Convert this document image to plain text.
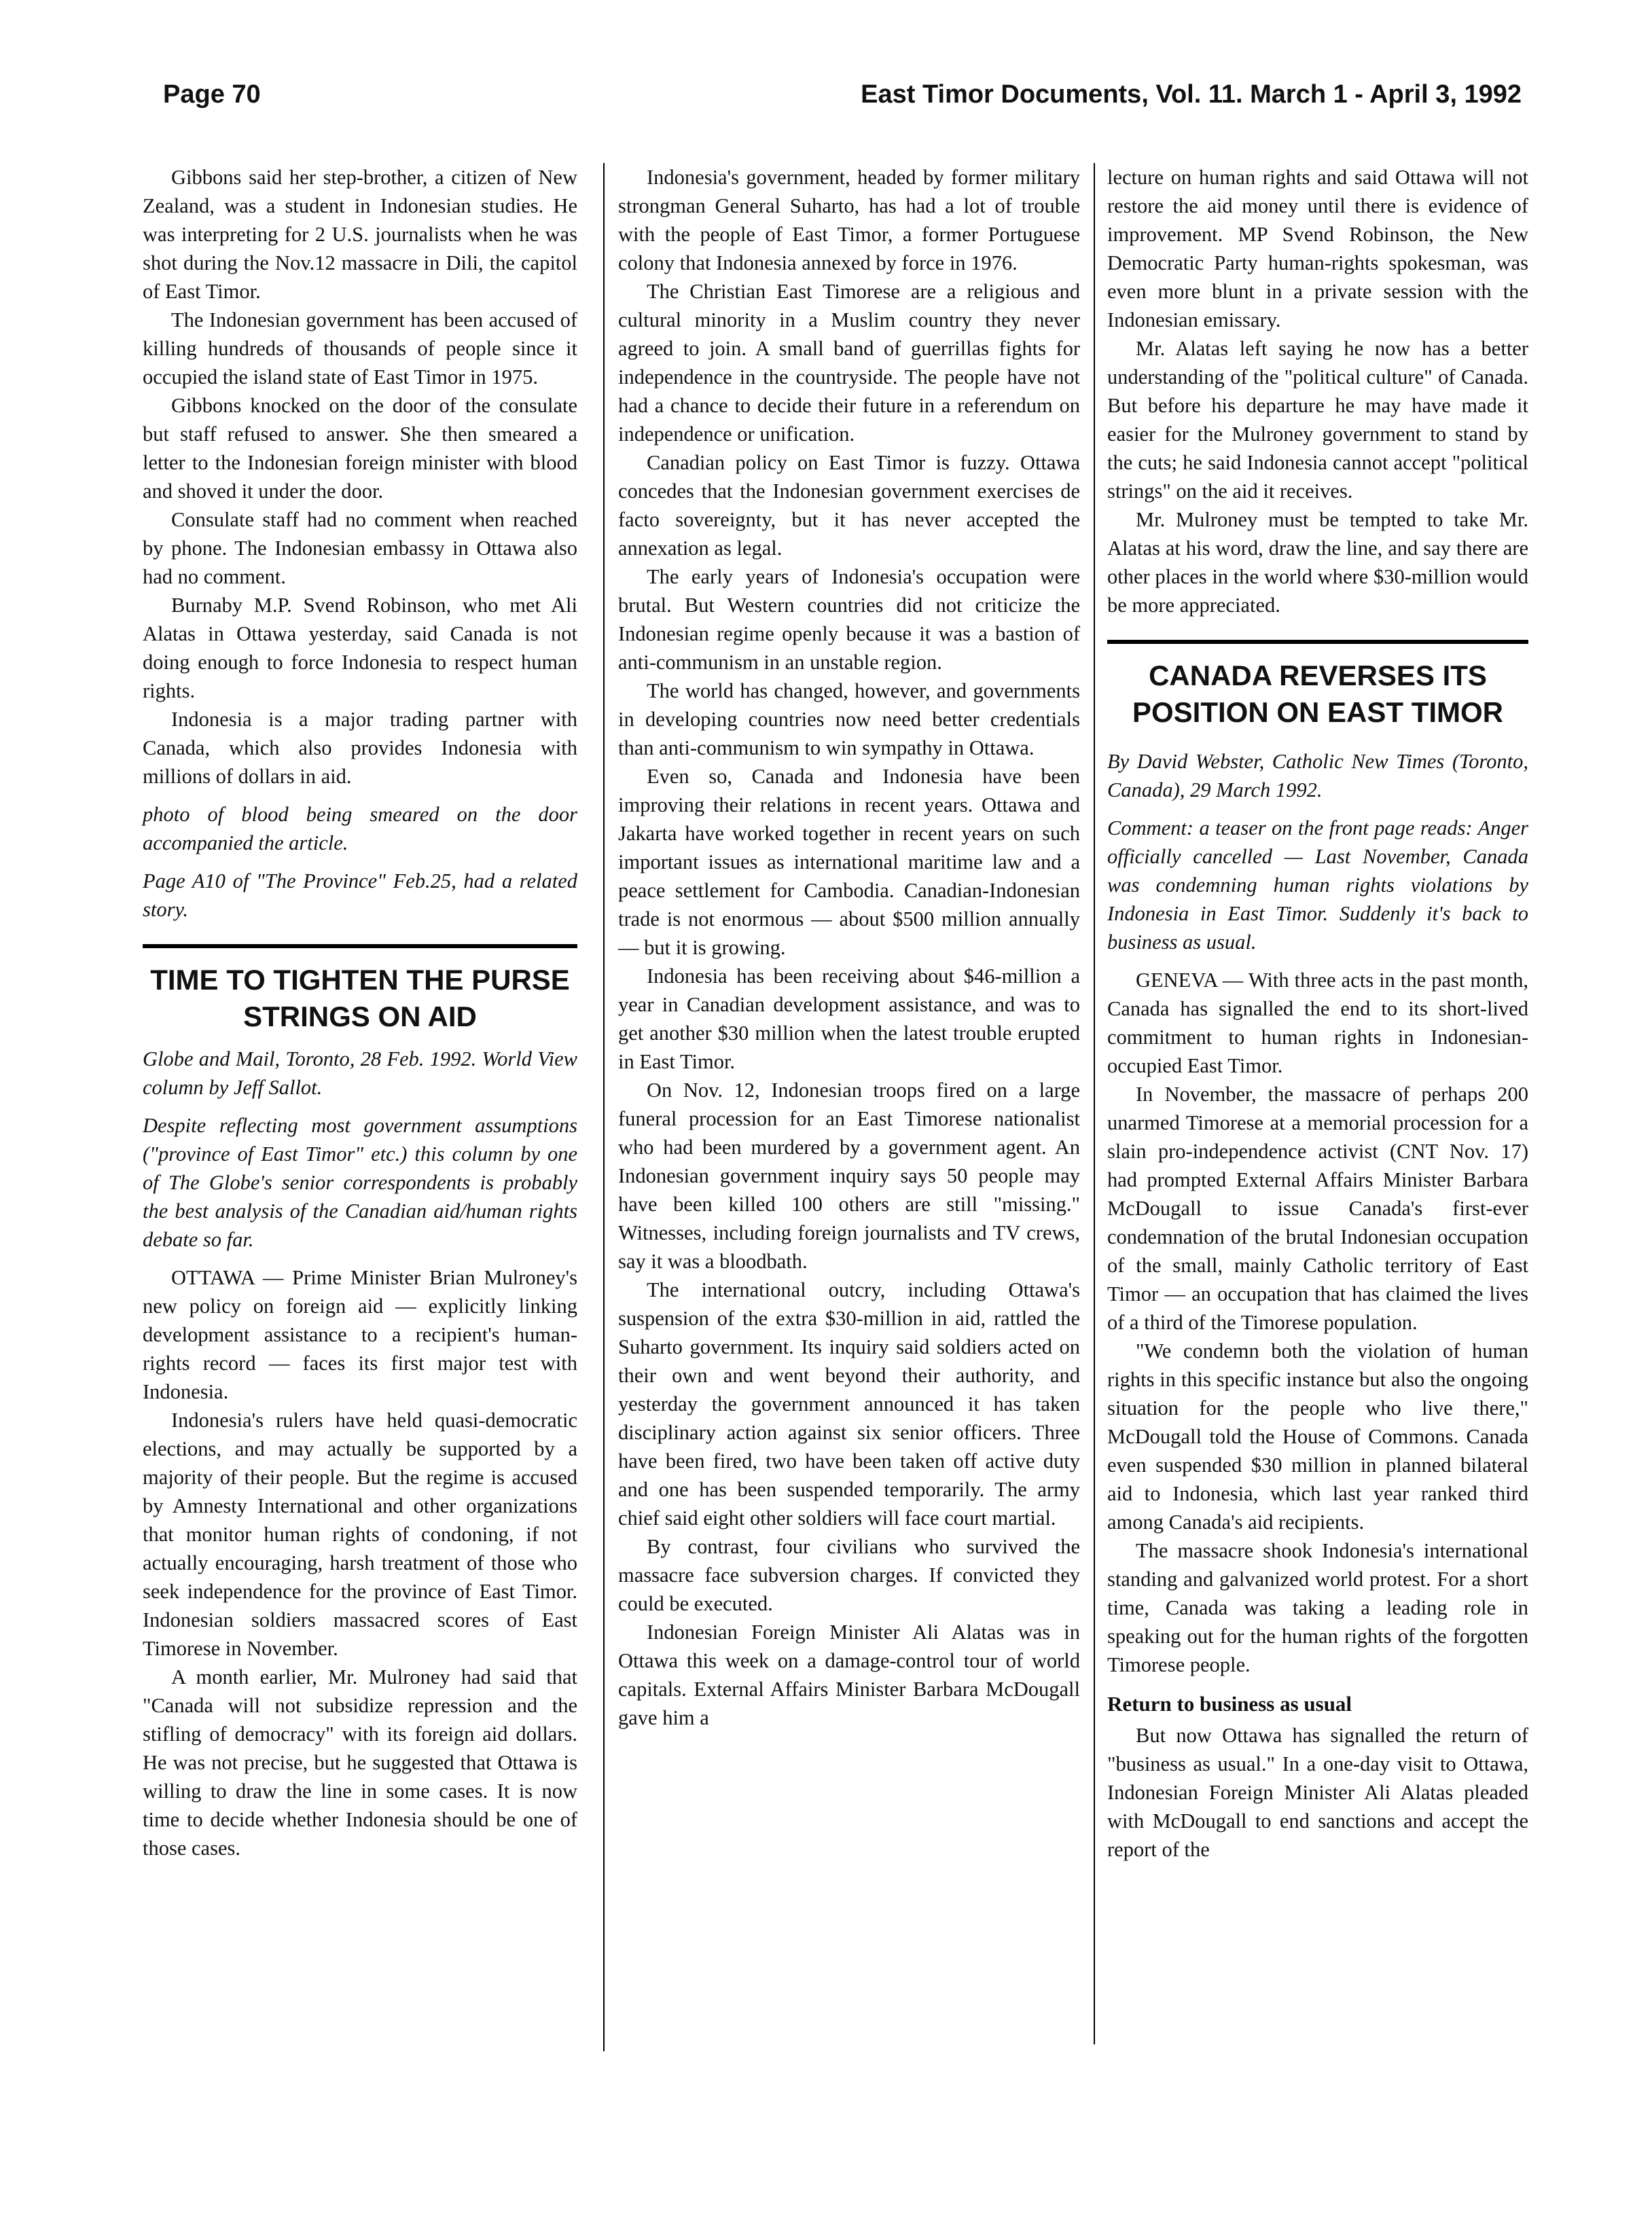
Page 70	East Timor Documents, Vol. 11. March 1 - April 3, 1992

Gibbons said her step-brother, a citizen of New Zealand, was a student in Indonesian studies. He was interpreting for 2 U.S. journalists when he was shot during the Nov.12 massacre in Dili, the capitol of East Timor.

The Indonesian government has been accused of killing hundreds of thousands of people since it occupied the island state of East Timor in 1975.

Gibbons knocked on the door of the consulate but staff refused to answer. She then smeared a letter to the Indonesian foreign minister with blood and shoved it under the door.

Consulate staff had no comment when reached by phone. The Indonesian embassy in Ottawa also had no comment.

Burnaby M.P. Svend Robinson, who met Ali Alatas in Ottawa yesterday, said Canada is not doing enough to force Indonesia to respect human rights.

Indonesia is a major trading partner with Canada, which also provides Indonesia with millions of dollars in aid.

photo of blood being smeared on the door accompanied the article.

Page A10 of "The Province" Feb.25, had a related story.

TIME TO TIGHTEN THE PURSE STRINGS ON AID

Globe and Mail, Toronto, 28 Feb. 1992. World View column by Jeff Sallot.

Despite reflecting most government assumptions ("province of East Timor" etc.) this column by one of The Globe's senior correspondents is probably the best analysis of the Canadian aid/human rights debate so far.

OTTAWA — Prime Minister Brian Mulroney's new policy on foreign aid — explicitly linking development assistance to a recipient's human-rights record — faces its first major test with Indonesia.

Indonesia's rulers have held quasi-democratic elections, and may actually be supported by a majority of their people. But the regime is accused by Amnesty International and other organizations that monitor human rights of condoning, if not actually encouraging, harsh treatment of those who seek independence for the province of East Timor. Indonesian soldiers massacred scores of East Timorese in November.

A month earlier, Mr. Mulroney had said that "Canada will not subsidize repression and the stifling of democracy" with its foreign aid dollars. He was not precise, but he suggested that Ottawa is willing to draw the line in some cases. It is now time to decide whether Indonesia should be one of those cases.

Indonesia's government, headed by former military strongman General Suharto, has had a lot of trouble with the people of East Timor, a former Portuguese colony that Indonesia annexed by force in 1976.

The Christian East Timorese are a religious and cultural minority in a Muslim country they never agreed to join. A small band of guerrillas fights for independence in the countryside. The people have not had a chance to decide their future in a referendum on independence or unification.

Canadian policy on East Timor is fuzzy. Ottawa concedes that the Indonesian government exercises de facto sovereignty, but it has never accepted the annexation as legal.

The early years of Indonesia's occupation were brutal. But Western countries did not criticize the Indonesian regime openly because it was a bastion of anti-communism in an unstable region.

The world has changed, however, and governments in developing countries now need better credentials than anti-communism to win sympathy in Ottawa.

Even so, Canada and Indonesia have been improving their relations in recent years. Ottawa and Jakarta have worked together in recent years on such important issues as international maritime law and a peace settlement for Cambodia. Canadian-Indonesian trade is not enormous — about $500 million annually — but it is growing.

Indonesia has been receiving about $46-million a year in Canadian development assistance, and was to get another $30 million when the latest trouble erupted in East Timor.

On Nov. 12, Indonesian troops fired on a large funeral procession for an East Timorese nationalist who had been murdered by a government agent. An Indonesian government inquiry says 50 people may have been killed 100 others are still "missing." Witnesses, including foreign journalists and TV crews, say it was a bloodbath.

The international outcry, including Ottawa's suspension of the extra $30-million in aid, rattled the Suharto government. Its inquiry said soldiers acted on their own and went beyond their authority, and yesterday the government announced it has taken disciplinary action against six senior officers. Three have been fired, two have been taken off active duty and one has been suspended temporarily. The army chief said eight other soldiers will face court martial.

By contrast, four civilians who survived the massacre face subversion charges. If convicted they could be executed.

Indonesian Foreign Minister Ali Alatas was in Ottawa this week on a damage-control tour of world capitals. External Affairs Minister Barbara McDougall gave him a

lecture on human rights and said Ottawa will not restore the aid money until there is evidence of improvement. MP Svend Robinson, the New Democratic Party human-rights spokesman, was even more blunt in a private session with the Indonesian emissary.

Mr. Alatas left saying he now has a better understanding of the "political culture" of Canada. But before his departure he may have made it easier for the Mulroney government to stand by the cuts; he said Indonesia cannot accept "political strings" on the aid it receives.

Mr. Mulroney must be tempted to take Mr. Alatas at his word, draw the line, and say there are other places in the world where $30-million would be more appreciated.

CANADA REVERSES ITS POSITION ON EAST TIMOR

By David Webster, Catholic New Times (Toronto, Canada), 29 March 1992.

Comment: a teaser on the front page reads: Anger officially cancelled — Last November, Canada was condemning human rights violations by Indonesia in East Timor. Suddenly it's back to business as usual.

GENEVA — With three acts in the past month, Canada has signalled the end to its short-lived commitment to human rights in Indonesian-occupied East Timor.

In November, the massacre of perhaps 200 unarmed Timorese at a memorial procession for a slain pro-independence activist (CNT Nov. 17) had prompted External Affairs Minister Barbara McDougall to issue Canada's first-ever condemnation of the brutal Indonesian occupation of the small, mainly Catholic territory of East Timor — an occupation that has claimed the lives of a third of the Timorese population.

"We condemn both the violation of human rights in this specific instance but also the ongoing situation for the people who live there," McDougall told the House of Commons. Canada even suspended $30 million in planned bilateral aid to Indonesia, which last year ranked third among Canada's aid recipients.

The massacre shook Indonesia's international standing and galvanized world protest. For a short time, Canada was taking a leading role in speaking out for the human rights of the forgotten Timorese people.

Return to business as usual

But now Ottawa has signalled the return of "business as usual." In a one-day visit to Ottawa, Indonesian Foreign Minister Ali Alatas pleaded with McDougall to end sanctions and accept the report of the
